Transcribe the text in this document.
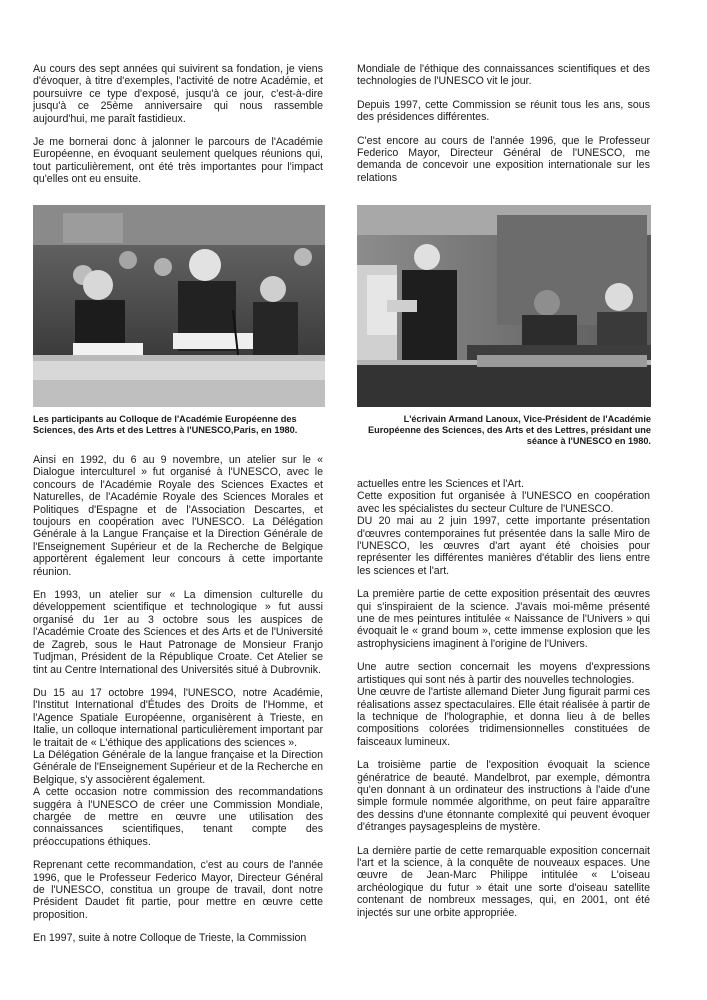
Au cours des sept années qui suivirent sa fondation, je viens d'évoquer, à titre d'exemples, l'activité de notre Académie, et poursuivre ce type d'exposé, jusqu'à ce jour, c'est-à-dire jusqu'à ce 25ème anniversaire qui nous rassemble aujourd'hui, me paraît fastidieux.

Je me bornerai donc à jalonner le parcours de l'Académie Européenne, en évoquant seulement quelques réunions qui, tout particulièrement, ont été très importantes pour l'impact qu'elles ont eu ensuite.

Mondiale de l'éthique des connaissances scientifiques et des technologies de l'UNESCO vit le jour.

Depuis 1997, cette Commission se réunit tous les ans, sous des présidences différentes.

C'est encore au cours de l'année 1996, que le Professeur Federico Mayor, Directeur Général de l'UNESCO, me demanda de concevoir une exposition internationale sur les relations

Les participants au Colloque de l'Académie Européenne des Sciences, des Arts et des Lettres à l'UNESCO,Paris, en 1980.
L'écrivain Armand Lanoux, Vice-Président de l'Académie Européenne des Sciences, des Arts et des Lettres, présidant une séance à l'UNESCO en 1980.

Ainsi en 1992, du 6 au 9 novembre, un atelier sur le « Dialogue interculturel » fut organisé à l'UNESCO, avec le concours de l'Académie Royale des Sciences Exactes et Naturelles, de l'Académie Royale des Sciences Morales et Politiques d'Espagne et de l'Association Descartes, et toujours en coopération avec l'UNESCO. La Délégation Générale à la Langue Française et la Direction Générale de l'Enseignement Supérieur et de la Recherche de Belgique apportèrent également leur concours à cette importante réunion.

En 1993, un atelier sur « La dimension culturelle du développement scientifique et technologique » fut aussi organisé du 1er au 3 octobre sous les auspices de l'Académie Croate des Sciences et des Arts et de l'Université de Zagreb, sous le Haut Patronage de Monsieur Franjo Tudjman, Président de la République Croate. Cet Atelier se tint au Centre International des Universités situé à Dubrovnik.

Du 15 au 17 octobre 1994, l'UNESCO, notre Académie, l'Institut International d'Études des Droits de l'Homme, et l'Agence Spatiale Européenne, organisèrent à Trieste, en Italie, un colloque international particulièrement important par le traitait de « L'éthique des applications des sciences ».
La Délégation Générale de la langue française et la Direction Générale de l'Enseignement Supérieur et de la Recherche en Belgique, s'y associèrent également.
A cette occasion notre commission des recommandations suggéra à l'UNESCO de créer une Commission Mondiale, chargée de mettre en œuvre une utilisation des connaissances scientifiques, tenant compte des préoccupations éthiques.

Reprenant cette recommandation, c'est au cours de l'année 1996, que le Professeur Federico Mayor, Directeur Général de l'UNESCO, constitua un groupe de travail, dont notre Président Daudet fit partie, pour mettre en œuvre cette proposition.

En 1997, suite à notre Colloque de Trieste, la Commission

actuelles entre les Sciences et l'Art.
Cette exposition fut organisée à l'UNESCO en coopération avec les spécialistes du secteur Culture de l'UNESCO.
DU 20 mai au 2 juin 1997, cette importante présentation d'œuvres contemporaines fut présentée dans la salle Miro de l'UNESCO, les œuvres d'art ayant été choisies pour représenter les différentes manières d'établir des liens entre les sciences et l'art.

La première partie de cette exposition présentait des œuvres qui s'inspiraient de la science. J'avais moi-même présenté une de mes peintures intitulée « Naissance de l'Univers » qui évoquait le « grand boum », cette immense explosion que les astrophysiciens imaginent à l'origine de l'Univers.

Une autre section concernait les moyens d'expressions artistiques qui sont nés à partir des nouvelles technologies.
Une œuvre de l'artiste allemand Dieter Jung figurait parmi ces réalisations assez spectaculaires. Elle était réalisée à partir de la technique de l'holographie, et donna lieu à de belles compositions colorées tridimensionnelles constituées de faisceaux lumineux.

La troisième partie de l'exposition évoquait la science génératrice de beauté. Mandelbrot, par exemple, démontra qu'en donnant à un ordinateur des instructions à l'aide d'une simple formule nommée algorithme, on peut faire apparaître des dessins d'une étonnante complexité qui peuvent évoquer d'étranges paysagespleins de mystère.

La dernière partie de cette remarquable exposition concernait l'art et la science, à la conquête de nouveaux espaces. Une œuvre de Jean-Marc Philippe intitulée « L'oiseau archéologique du futur » était une sorte d'oiseau satellite contenant de nombreux messages, qui, en 2001, ont été injectés sur une orbite appropriée.
